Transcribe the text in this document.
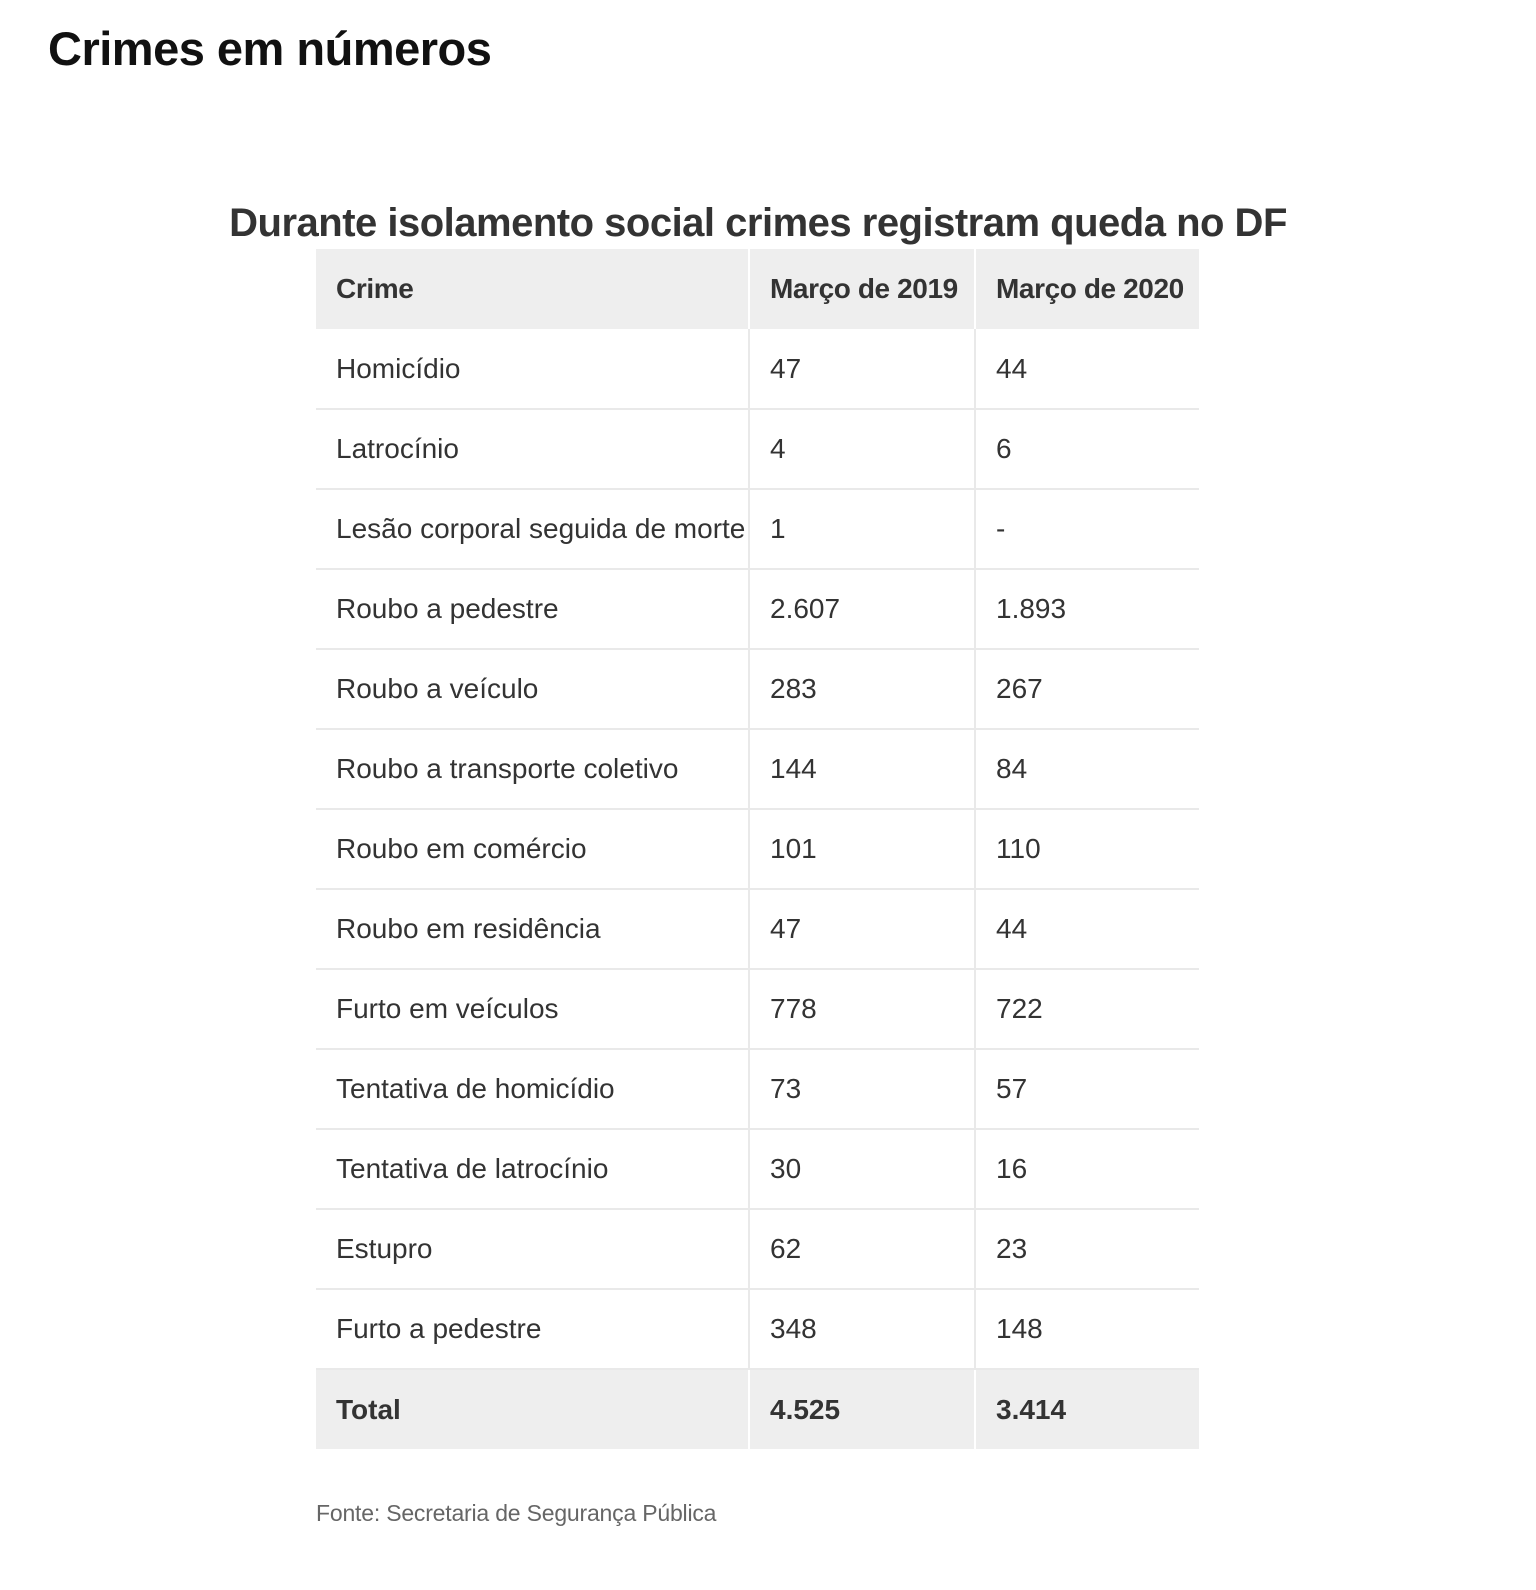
Crimes em números
Durante isolamento social crimes registram queda no DF
Crime	Março de 2019	Março de 2020
Homicídio	47	44
Latrocínio	4	6
Lesão corporal seguida de morte	1	-
Roubo a pedestre	2.607	1.893
Roubo a veículo	283	267
Roubo a transporte coletivo	144	84
Roubo em comércio	101	110
Roubo em residência	47	44
Furto em veículos	778	722
Tentativa de homicídio	73	57
Tentativa de latrocínio	30	16
Estupro	62	23
Furto a pedestre	348	148
Total	4.525	3.414

Fonte: Secretaria de Segurança Pública
